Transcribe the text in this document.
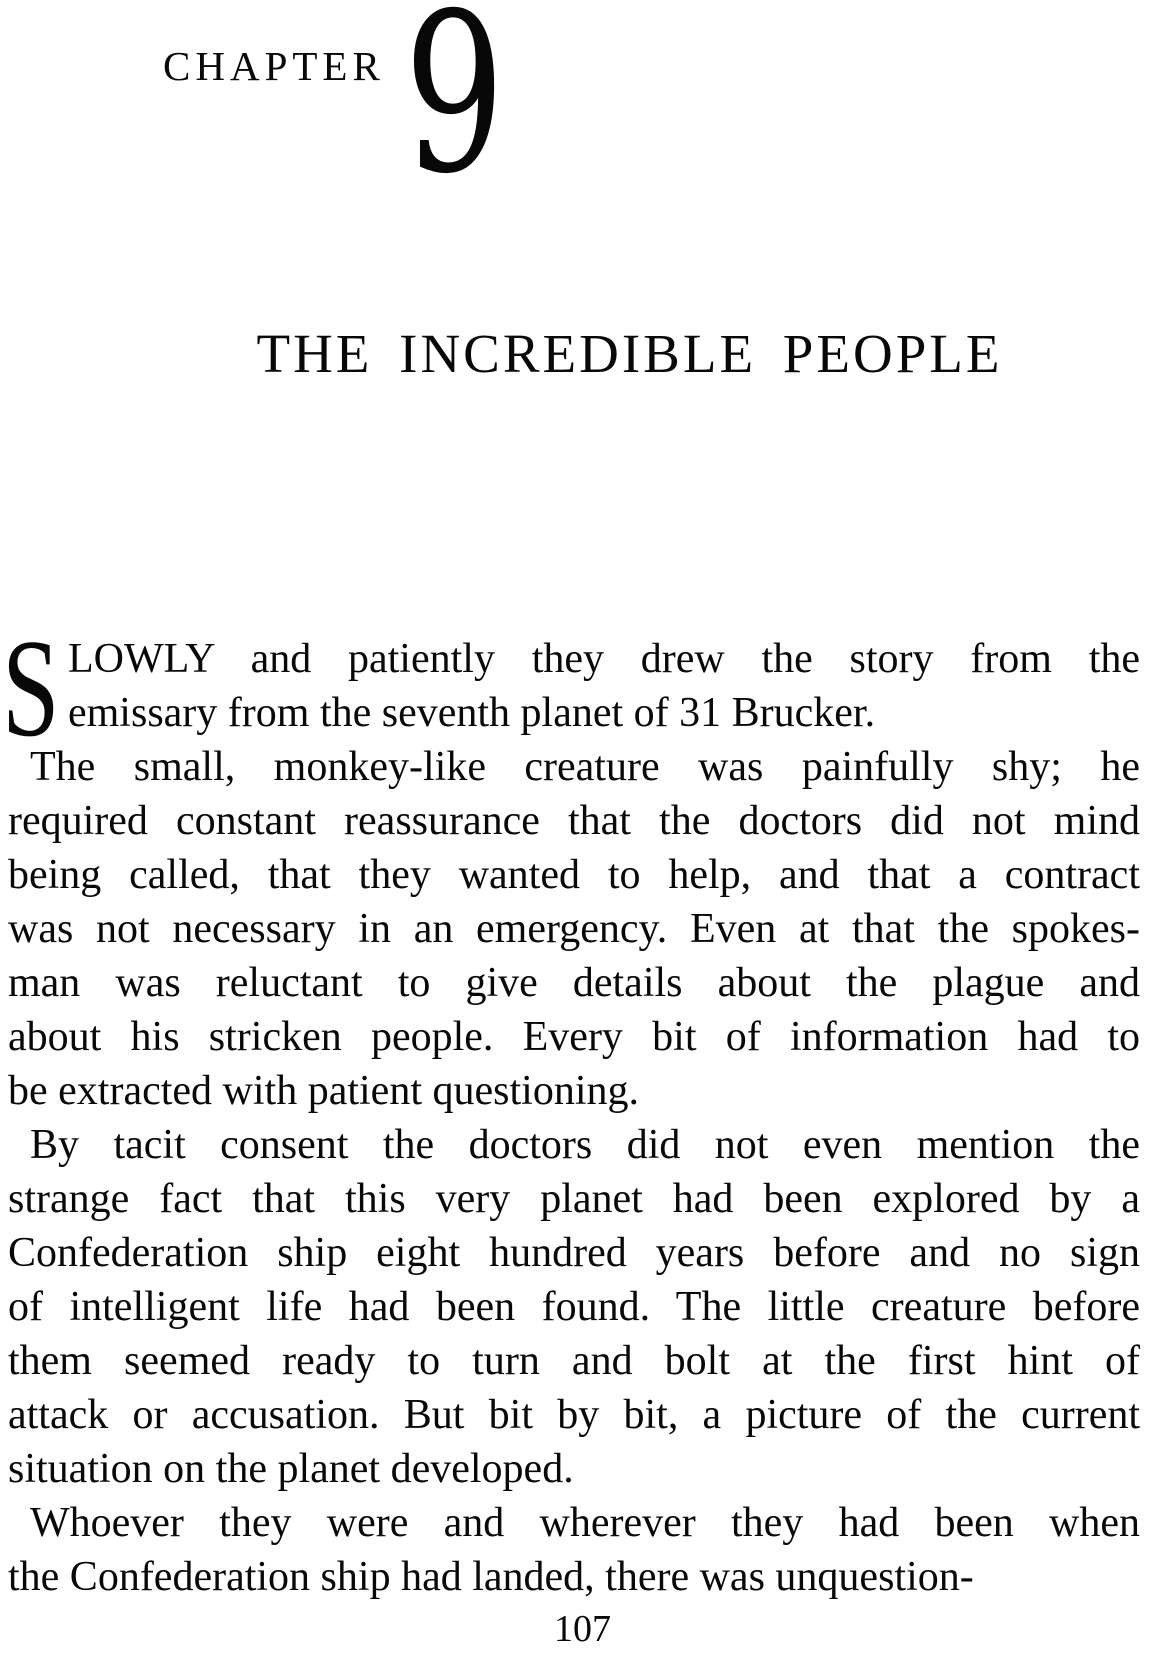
CHAPTER 9
THE INCREDIBLE PEOPLE
S LOWLY and patiently they drew the story from the
emissary from the seventh planet of 31 Brucker.
The small, monkey-like creature was painfully shy; he
required constant reassurance that the doctors did not mind
being called, that they wanted to help, and that a contract
was not necessary in an emergency. Even at that the spokes-
man was reluctant to give details about the plague and
about his stricken people. Every bit of information had to
be extracted with patient questioning.
By tacit consent the doctors did not even mention the
strange fact that this very planet had been explored by a
Confederation ship eight hundred years before and no sign
of intelligent life had been found. The little creature before
them seemed ready to turn and bolt at the first hint of
attack or accusation. But bit by bit, a picture of the current
situation on the planet developed.
Whoever they were and wherever they had been when
the Confederation ship had landed, there was unquestion-
107
